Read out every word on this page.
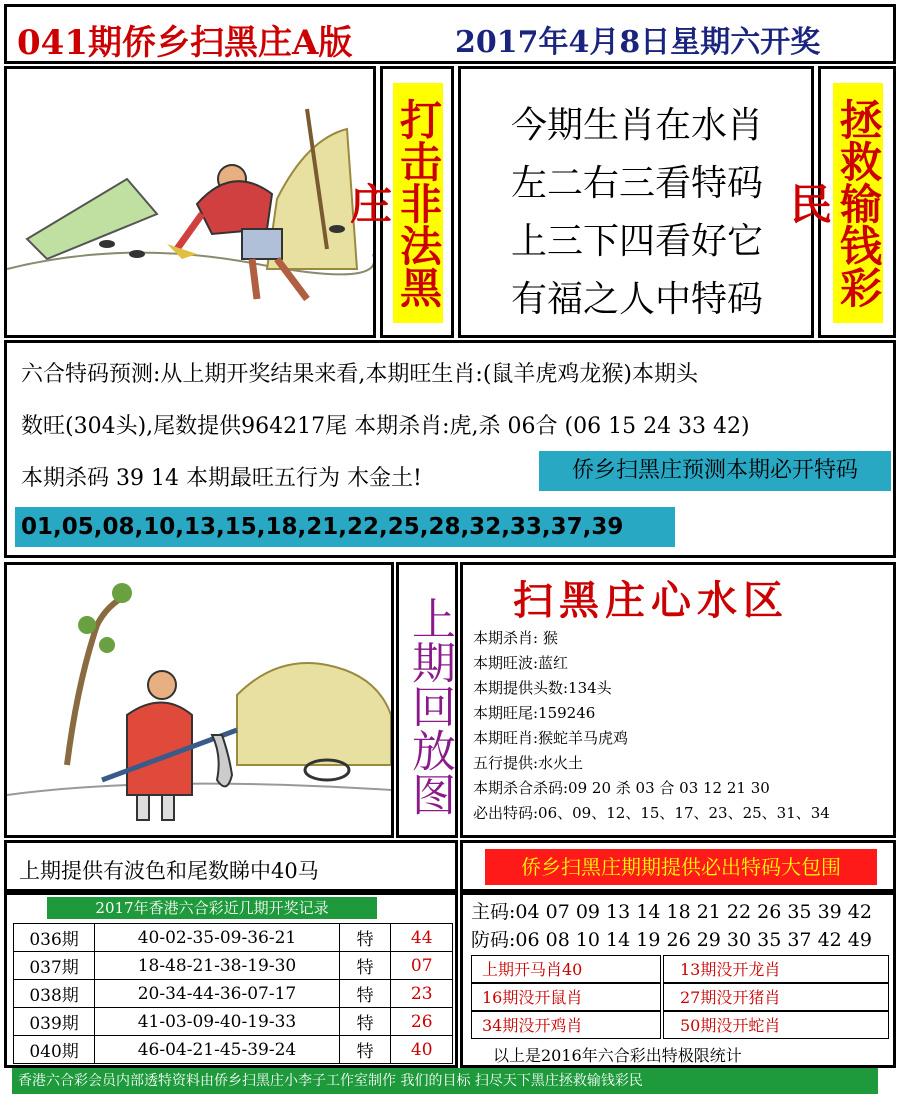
041期侨乡扫黑庄A版	2017年4月8日星期六开奖
打击非法黑庄
今期生肖在水肖
左二右三看特码
上三下四看好它
有福之人中特码 拯救输钱彩民
六合特码预测:从上期开奖结果来看,本期旺生肖:(鼠羊虎鸡龙猴)本期头
数旺(304头),尾数提供964217尾 本期杀肖:虎,杀 06合 (06 15 24 33 42)
本期杀码 39 14 本期最旺五行为 木金土!	侨乡扫黑庄预测本期必开特码
01,05,08,10,13,15,18,21,22,25,28,32,33,37,39
上期回放图 扫黑庄心水区
本期杀肖: 猴
本期旺波:蓝红
本期提供头数:134头
本期旺尾:159246
本期旺肖:猴蛇羊马虎鸡
五行提供:水火土
本期杀合杀码:09 20 杀 03 合 03 12 21 30
必出特码:06、09、12、15、17、23、25、31、34
上期提供有波色和尾数睇中40马	侨乡扫黑庄期期提供必出特码大包围
2017年香港六合彩近几期开奖记录
036期	40-02-35-09-36-21	特	44
037期	18-48-21-38-19-30	特	07
038期	20-34-44-36-07-17	特	23
039期	41-03-09-40-19-33	特	26
040期	46-04-21-45-39-24	特	40
主码:04 07 09 13 14 18 21 22 26 35 39 42
防码:06 08 10 14 19 26 29 30 35 37 42 49
上期开马肖40	13期没开龙肖
16期没开鼠肖	27期没开猪肖
34期没开鸡肖	50期没开蛇肖
以上是2016年六合彩出特极限统计
香港六合彩会员内部透特资料由侨乡扫黑庄小李子工作室制作 我们的目标 扫尽天下黑庄拯救输钱彩民
